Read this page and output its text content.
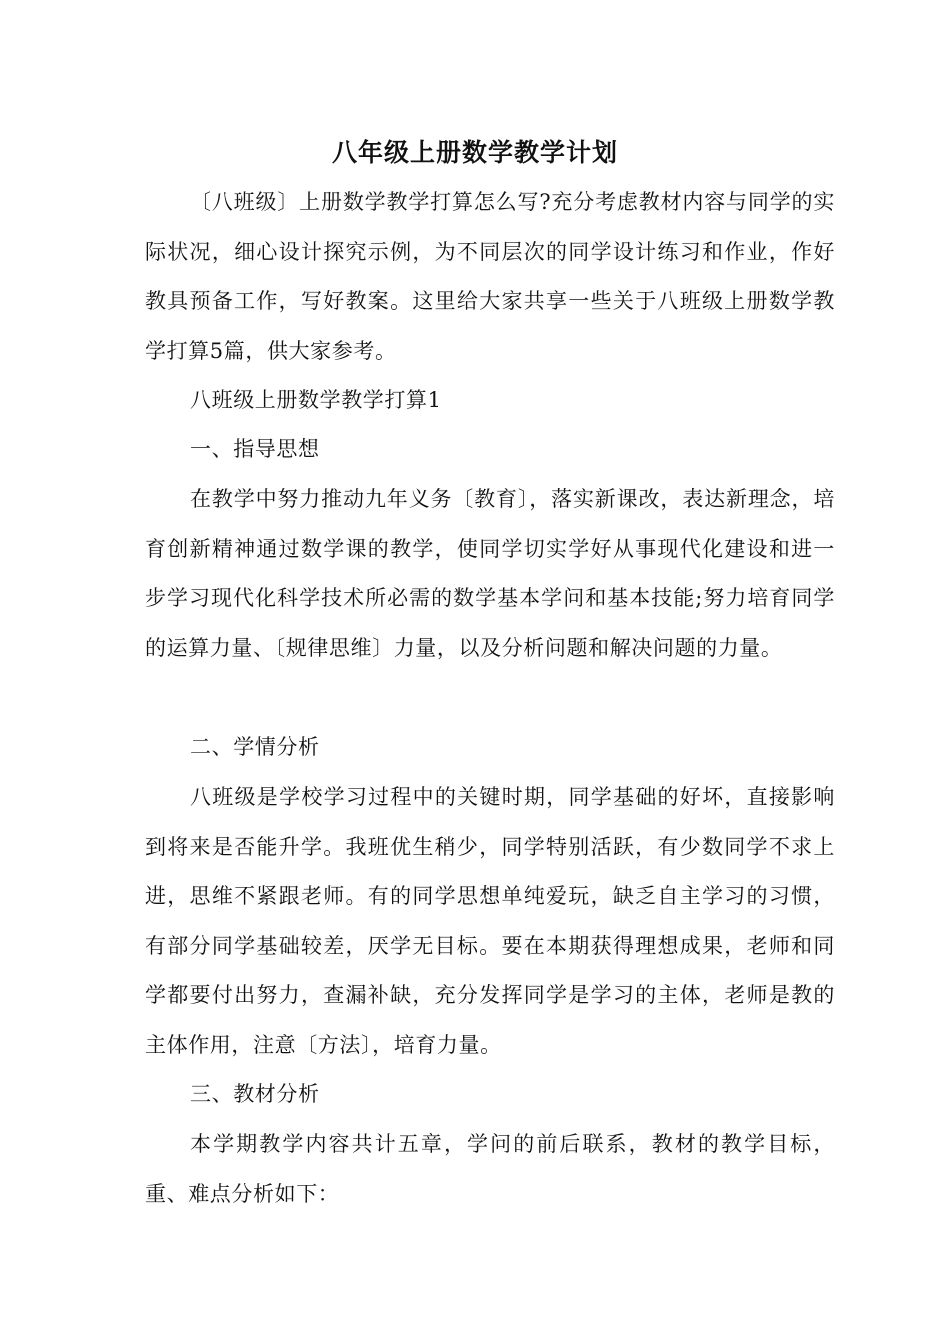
八年级上册数学教学计划

〔八班级〕上册数学教学打算怎么写?充分考虑教材内容与同学的实际状况，细心设计探究示例，为不同层次的同学设计练习和作业，作好教具预备工作，写好教案。这里给大家共享一些关于八班级上册数学教学打算5篇，供大家参考。

八班级上册数学教学打算1
一、指导思想

在教学中努力推动九年义务〔教育〕，落实新课改，表达新理念，培育创新精神通过数学课的教学，使同学切实学好从事现代化建设和进一步学习现代化科学技术所必需的数学基本学问和基本技能;努力培育同学的运算力量、〔规律思维〕力量，以及分析问题和解决问题的力量。

二、学情分析

八班级是学校学习过程中的关键时期，同学基础的好坏，直接影响到将来是否能升学。我班优生稍少，同学特别活跃，有少数同学不求上进，思维不紧跟老师。有的同学思想单纯爱玩，缺乏自主学习的习惯，有部分同学基础较差，厌学无目标。要在本期获得理想成果，老师和同学都要付出努力，查漏补缺，充分发挥同学是学习的主体，老师是教的主体作用，注意〔方法〕，培育力量。

三、教材分析

本学期教学内容共计五章，学问的前后联系，教材的教学目标，重、难点分析如下：
